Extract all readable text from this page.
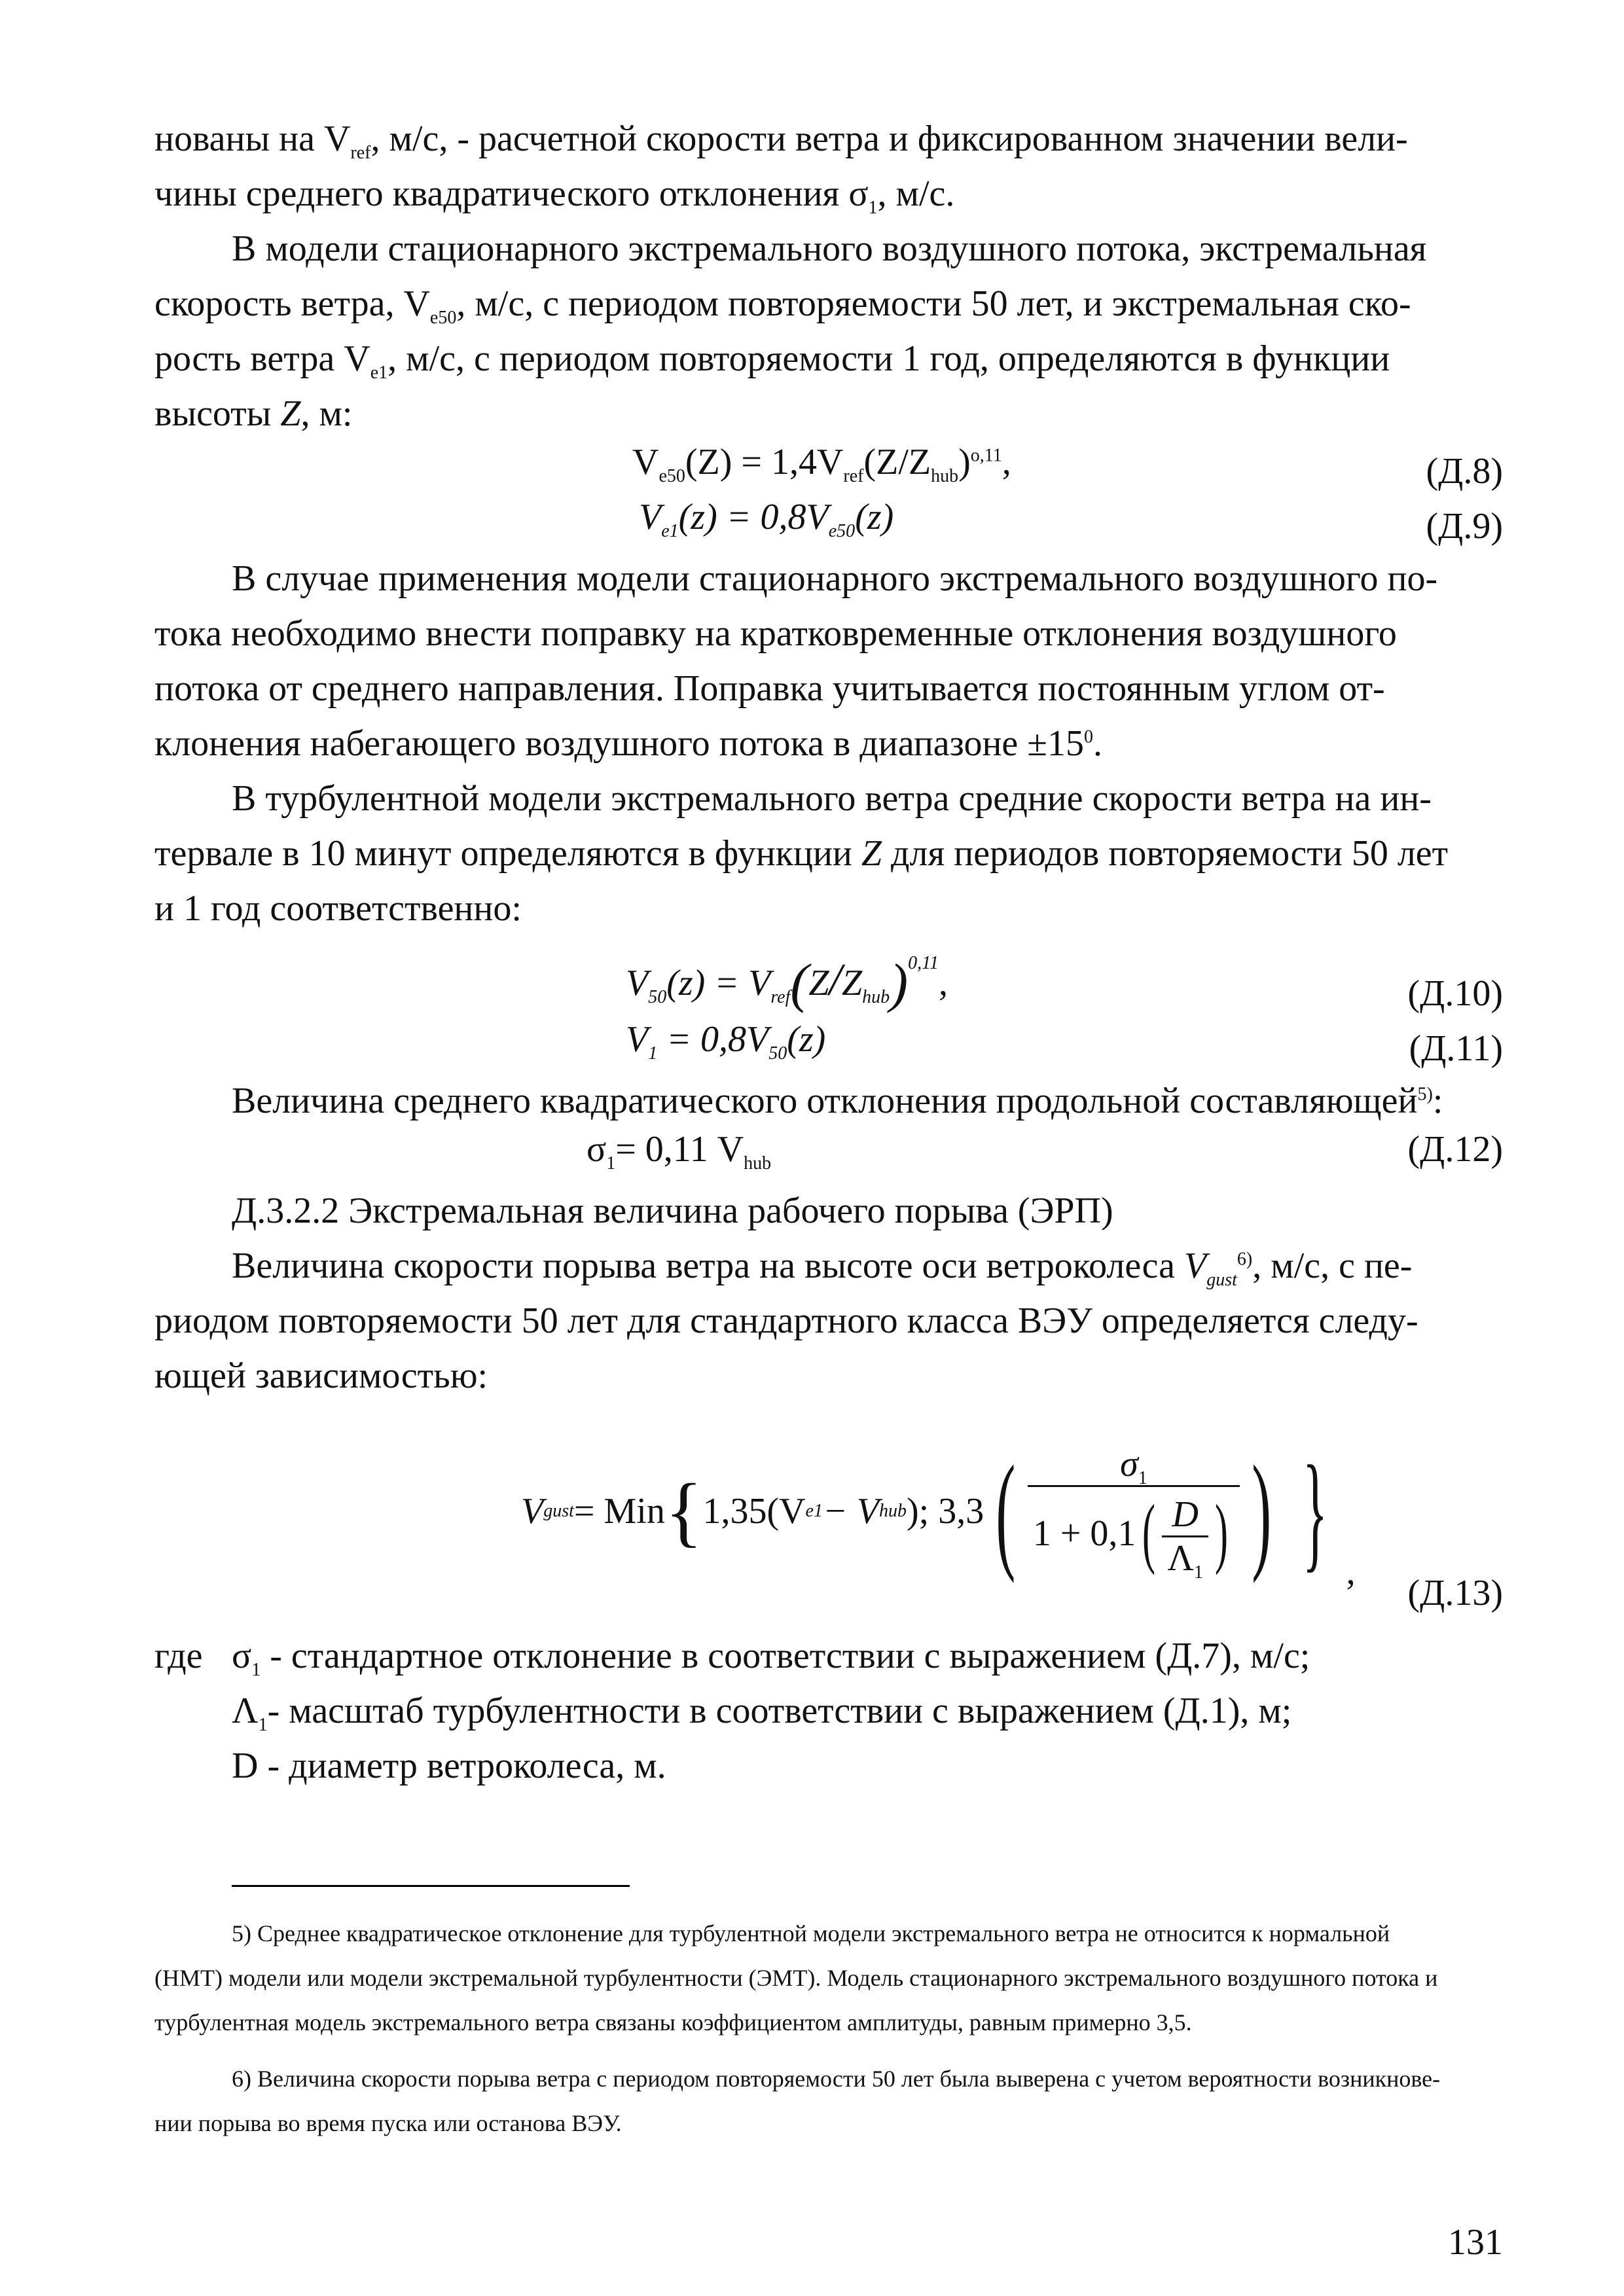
нованы на $V_{ref}$, м/с, - расчетной скорости ветра и фиксированном значении вели-
чины среднего квадратического отклонения $\sigma_1$, м/с.
В модели стационарного экстремального воздушного потока, экстремальная
скорость ветра, $V_{e50}$, м/с, с периодом повторяемости 50 лет, и экстремальная ско-
рость ветра $V_{e1}$, м/с, с периодом повторяемости 1 год, определяются в функции
высоты Z, м:
$V_{e50}(Z) = 1,4V_{ref}(Z/Z_{hub})^{o,11}$,	(Д.8)
$V_{e1}(z) = 0,8V_{e50}(z)$	(Д.9)
В случае применения модели стационарного экстремального воздушного по-
тока необходимо внести поправку на кратковременные отклонения воздушного
потока от среднего направления. Поправка учитывается постоянным углом от-
клонения набегающего воздушного потока в диапазоне $\pm 15^0$.
В турбулентной модели экстремального ветра средние скорости ветра на ин-
тервале в 10 минут определяются в функции Z для периодов повторяемости 50 лет
и 1 год соответственно:
$V_{50}(z) = V_{ref}(Z/Z_{hub})^{0,11}$,	(Д.10)
$V_1 = 0,8V_{50}(z)$	(Д.11)
Величина среднего квадратического отклонения продольной составляющей$^{5)}$:
$\sigma_1= 0,11$ $V_{hub}$	(Д.12)
Д.3.2.2 Экстремальная величина рабочего порыва (ЭРП)
Величина скорости порыва ветра на высоте оси ветроколеса $V_{gust}^{6)}$, м/с, с пе-
риодом повторяемости 50 лет для стандартного класса ВЭУ определяется следу-
ющей зависимостью:
V gust = Min { 1,35(V e1 − V hub ); 3,3 ( $\frac{\sigma_1}{1 + 0,1( \frac{D}{\Lambda_1} )}$ ) } ,
(Д.13)
где $\sigma_1$ - стандартное отклонение в соответствии с выражением (Д.7), м/с;
$\Lambda_1-$ масштаб турбулентности в соответствии с выражением (Д.1), м;
D - диаметр ветроколеса, м.

5) Среднее квадратическое отклонение для турбулентной модели экстремального ветра не относится к нормальной

(НМТ) модели или модели экстремальной турбулентности (ЭМТ). Модель стационарного экстремального воздушного потока и

турбулентная модель экстремального ветра связаны коэффициентом амплитуды, равным примерно 3,5.

6) Величина скорости порыва ветра с периодом повторяемости 50 лет была выверена с учетом вероятности возникнове-

нии порыва во время пуска или останова ВЭУ.

131
